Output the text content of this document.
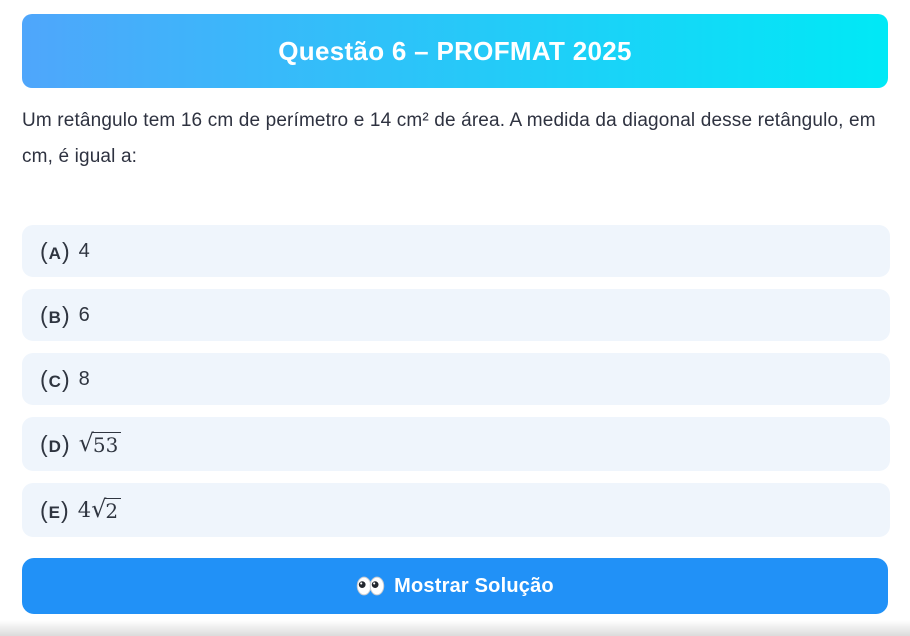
Questão 6 – PROFMAT 2025

Um retângulo tem 16 cm de perímetro e 14 cm² de área. A medida da diagonal desse retângulo, em cm, é igual a:

( A ) 4
( B ) 6
( C ) 8
( D ) √ 53
( E ) 4 √ 2
Mostrar Solução
